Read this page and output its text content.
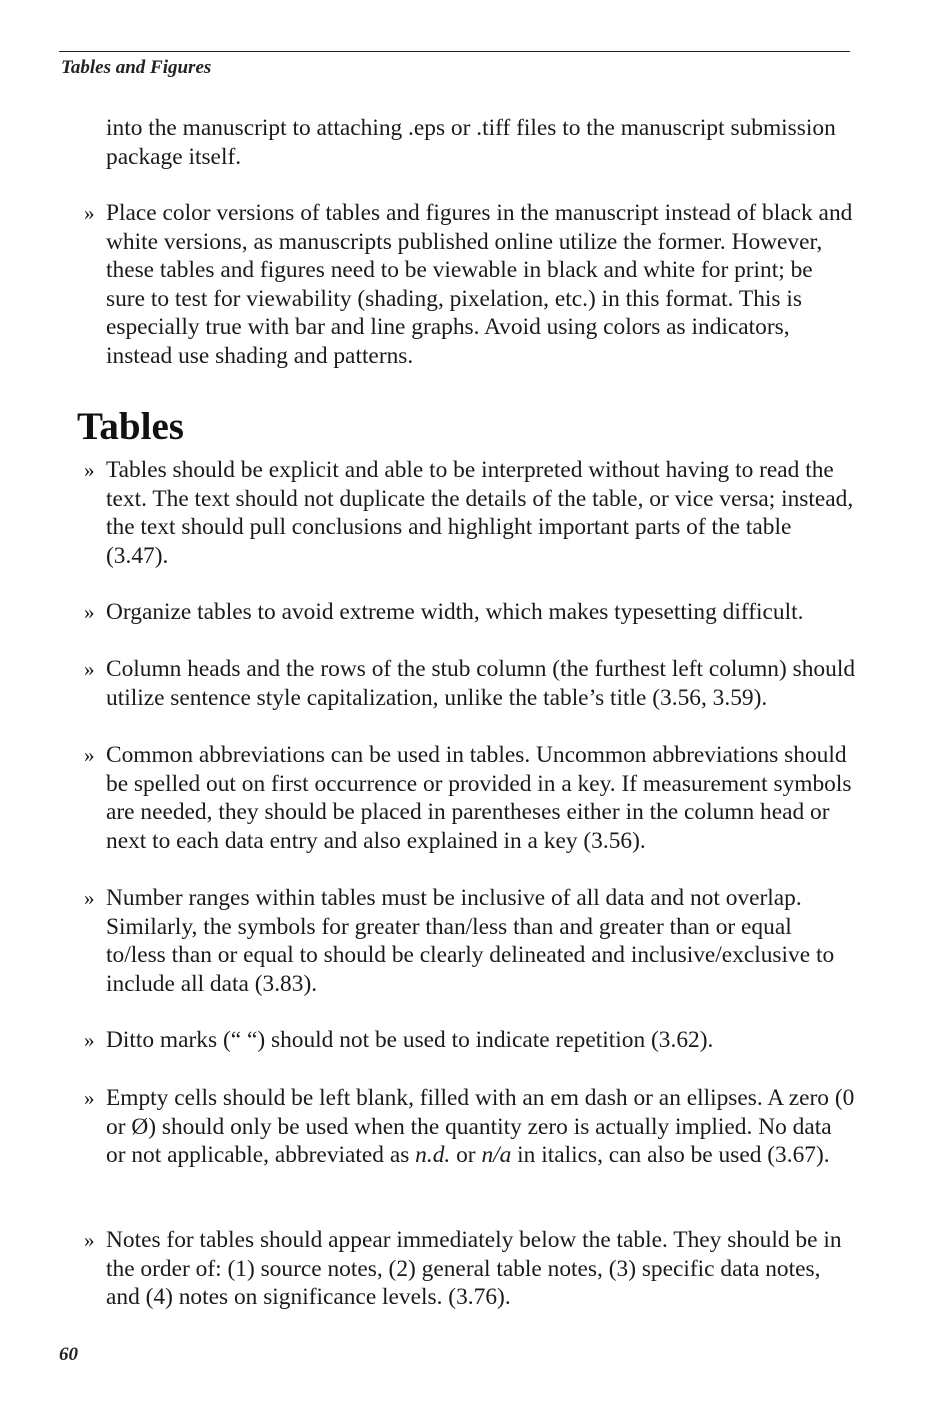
Tables and Figures
into the manuscript to attaching .eps or .tiff files to the manuscript submission package itself.
» Place color versions of tables and figures in the manuscript instead of black and white versions, as manuscripts published online utilize the former. However, these tables and figures need to be viewable in black and white for print; be sure to test for viewability (shading, pixelation, etc.) in this format. This is especially true with bar and line graphs. Avoid using colors as indicators, instead use shading and patterns.
Tables
» Tables should be explicit and able to be interpreted without having to read the text. The text should not duplicate the details of the table, or vice versa; instead, the text should pull conclusions and highlight important parts of the table (3.47).
» Organize tables to avoid extreme width, which makes typesetting difficult.
» Column heads and the rows of the stub column (the furthest left column) should utilize sentence style capitalization, unlike the table’s title (3.56, 3.59).
» Common abbreviations can be used in tables. Uncommon abbreviations should be spelled out on first occurrence or provided in a key. If measurement symbols are needed, they should be placed in parentheses either in the column head or next to each data entry and also explained in a key (3.56).
» Number ranges within tables must be inclusive of all data and not overlap. Similarly, the symbols for greater than/less than and greater than or equal to/less than or equal to should be clearly delineated and inclusive/exclusive to include all data (3.83).
» Ditto marks (“ “) should not be used to indicate repetition (3.62).
» Empty cells should be left blank, filled with an em dash or an ellipses. A zero (0 or Ø) should only be used when the quantity zero is actually implied. No data or not applicable, abbreviated as n.d. or n/a in italics, can also be used (3.67).
» Notes for tables should appear immediately below the table. They should be in the order of: (1) source notes, (2) general table notes, (3) specific data notes, and (4) notes on significance levels. (3.76).
60
